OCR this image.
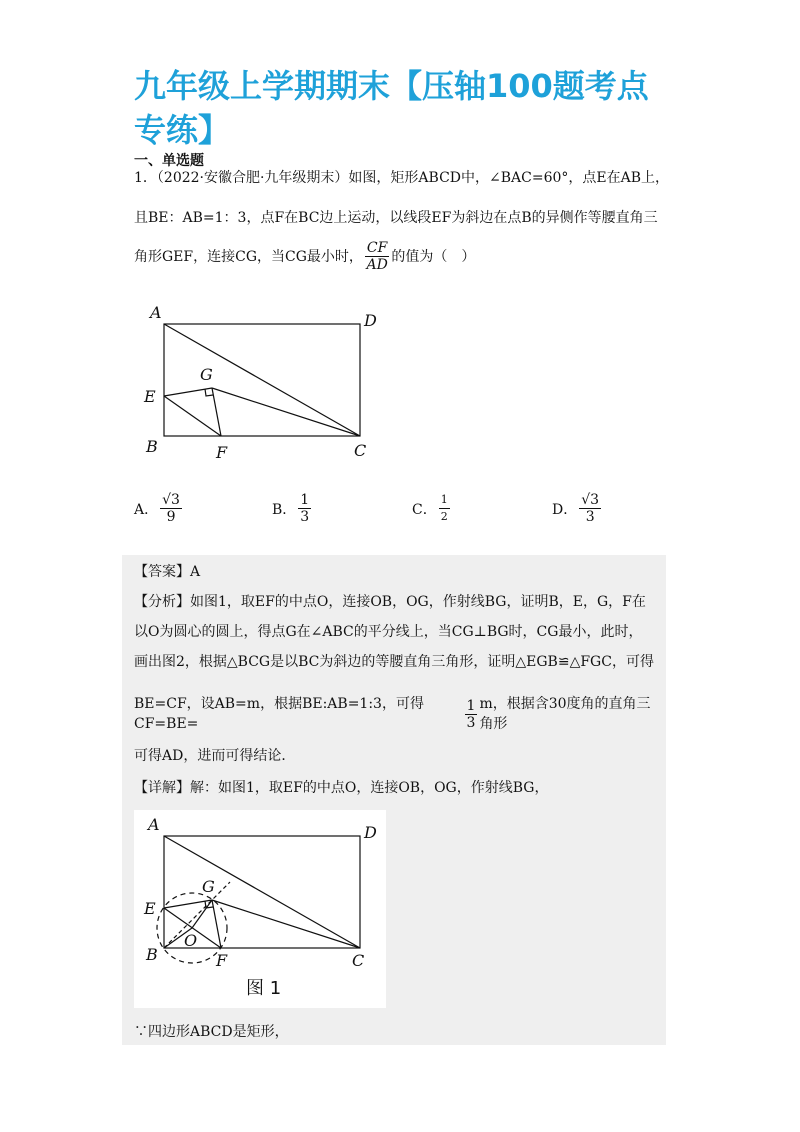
九年级上学期期末【压轴100题考点专练】
一、单选题
1．（2022·安徽合肥·九年级期末）如图，矩形ABCD中，∠BAC=60°，点E在AB上，
且BE：AB=1：3，点F在BC边上运动，以线段EF为斜边在点B的异侧作等腰直角三
角形GEF，连接CG，当CG最小时， $\frac{CF}{AD}$ 的值为（　）
A	D
G
E
B	F	C
A． $\frac{√3}{9}$	B． $\frac{1}{3}$	C． $\frac{1}{2}$	D． $\frac{√3}{3}$
【答案】A
【分析】如图1，取EF的中点O，连接OB，OG，作射线BG，证明B，E，G，F在
以O为圆心的圆上，得点G在∠ABC的平分线上，当CG⊥BG时，CG最小，此时，
画出图2，根据△BCG是以BC为斜边的等腰直角三角形，证明△EGB≌△FGC，可得
BE=CF，设AB=m，根据BE:AB=1:3，可得CF=BE=	$\frac{1}{3}$ m，根据含30度角的直角三角形
可得AD，进而可得结论．
【详解】解：如图1，取EF的中点O，连接OB，OG，作射线BG，
A	D
G
E
O
B	F	C
图 1
∵四边形ABCD是矩形，
